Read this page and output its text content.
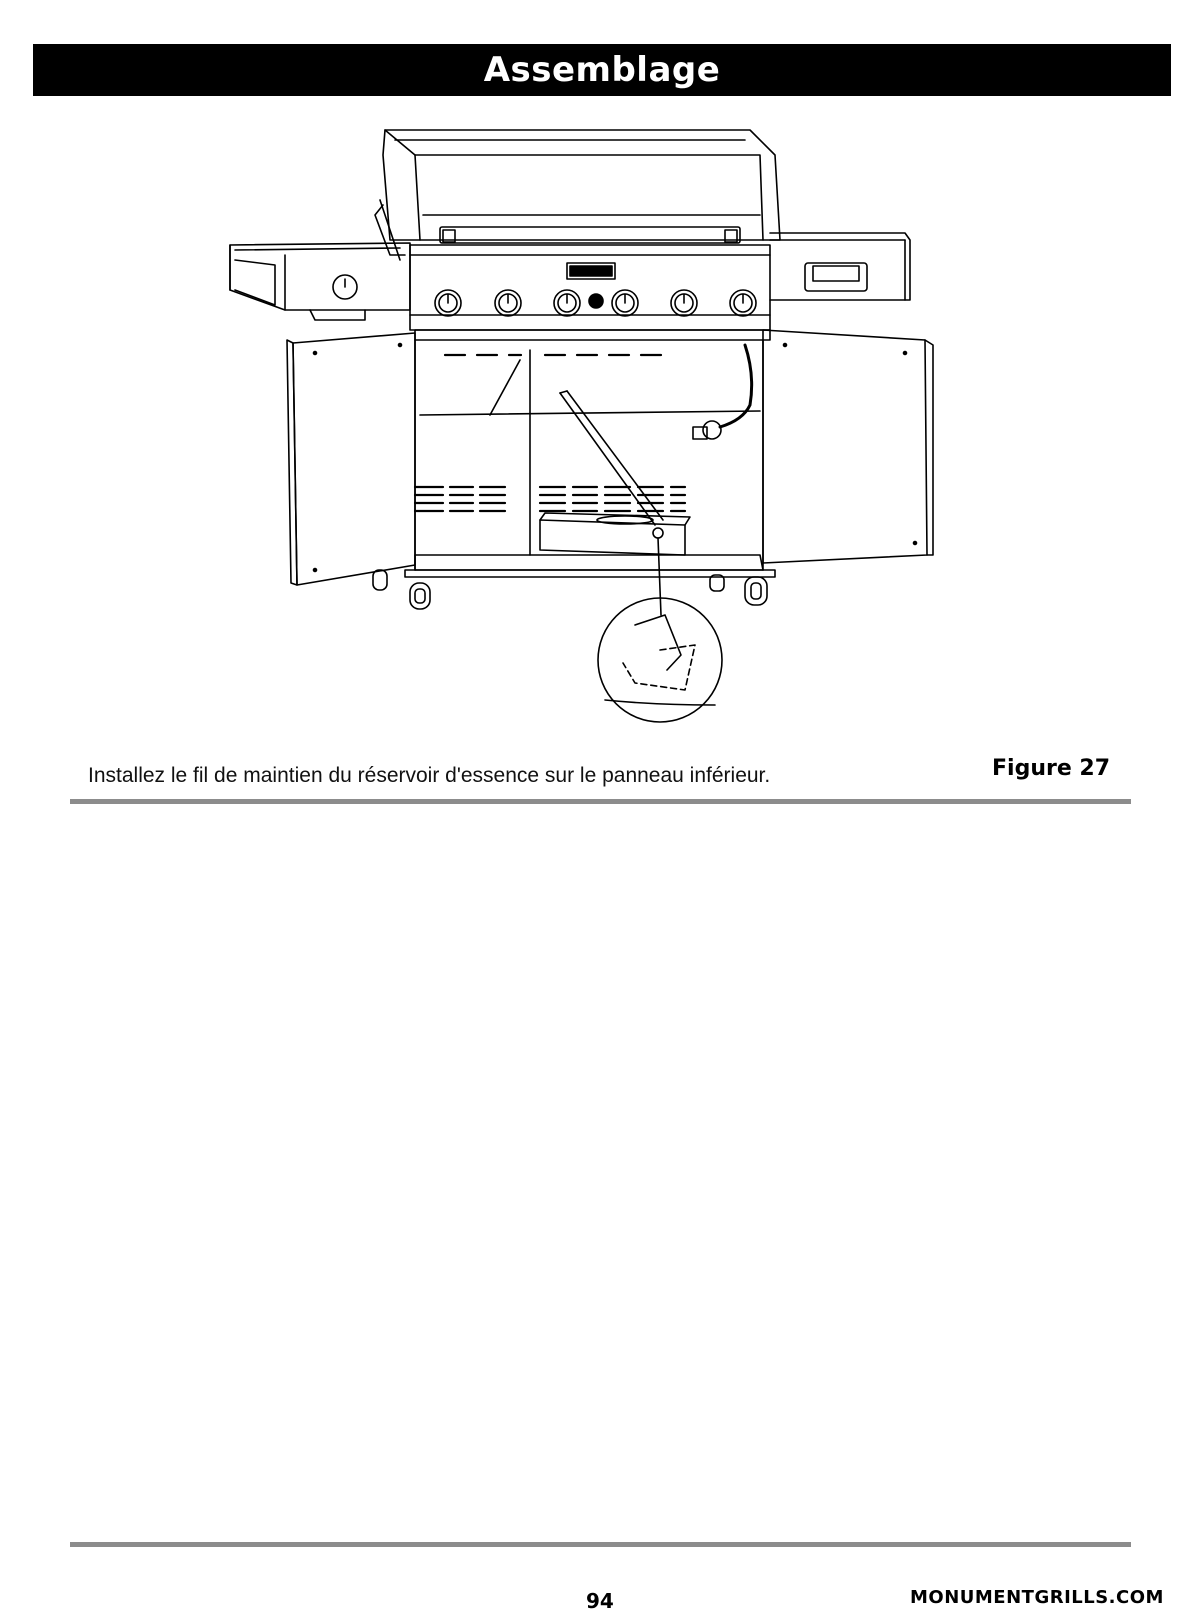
Assemblage
Installez le fil de maintien du réservoir d'essence sur le panneau inférieur.	Figure 27
94	MONUMENTGRILLS.COM
